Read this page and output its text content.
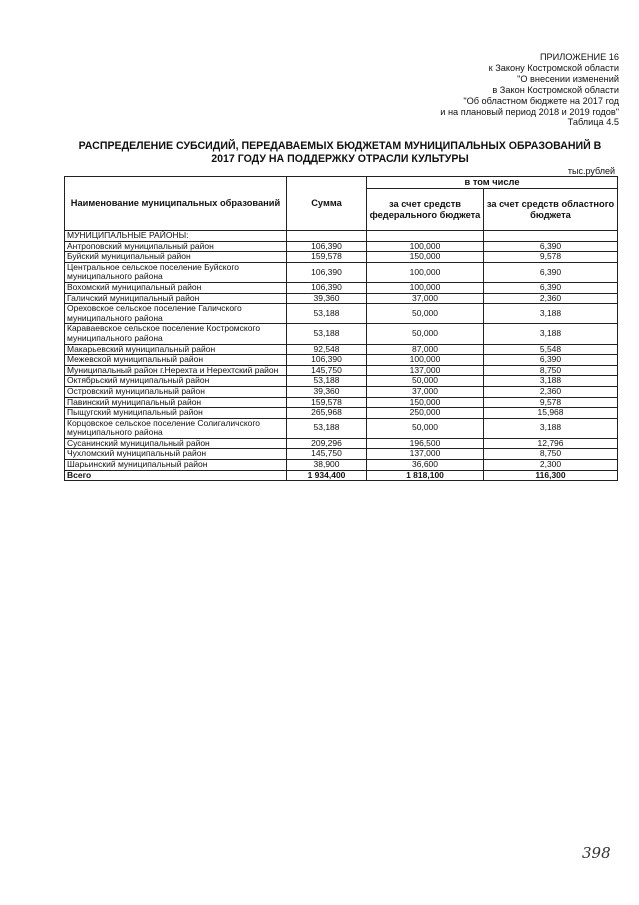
ПРИЛОЖЕНИЕ 16
к Закону Костромской области
"О внесении изменений
в Закон Костромской области
"Об областном бюджете на 2017 год
и на плановый период 2018 и 2019 годов"
Таблица 4.5
РАСПРЕДЕЛЕНИЕ СУБСИДИЙ, ПЕРЕДАВАЕМЫХ БЮДЖЕТАМ МУНИЦИПАЛЬНЫХ ОБРАЗОВАНИЙ В
2017 ГОДУ НА ПОДДЕРЖКУ ОТРАСЛИ КУЛЬТУРЫ
тыс.рублей
Наименование муниципальных образований	Сумма	в том числе	
		за счет средств федерального бюджета	за счет средств областного бюджета
МУНИЦИПАЛЬНЫЕ РАЙОНЫ:			
Антроповский муниципальный район	106,390	100,000	6,390
Буйский муниципальный район	159,578	150,000	9,578
Центральное сельское поселение Буйского муниципального района	106,390	100,000	6,390
Вохомский муниципальный район	106,390	100,000	6,390
Галичский муниципальный район	39,360	37,000	2,360
Ореховское сельское поселение Галичского муниципального района	53,188	50,000	3,188
Караваевское сельское поселение Костромского муниципального района	53,188	50,000	3,188
Макарьевский муниципальный район	92,548	87,000	5,548
Межевской муниципальный район	106,390	100,000	6,390
Муниципальный район г.Нерехта и Нерехтский район	145,750	137,000	8,750
Октябрьский муниципальный район	53,188	50,000	3,188
Островский муниципальный район	39,360	37,000	2,360
Павинский муниципальный район	159,578	150,000	9,578
Пыщугский муниципальный район	265,968	250,000	15,968
Корцовское сельское поселение Солигаличского муниципального района	53,188	50,000	3,188
Сусанинский муниципальный район	209,296	196,500	12,796
Чухломский муниципальный район	145,750	137,000	8,750
Шарьинский муниципальный район	38,900	36,600	2,300
Всего	1 934,400	1 818,100	116,300
398
